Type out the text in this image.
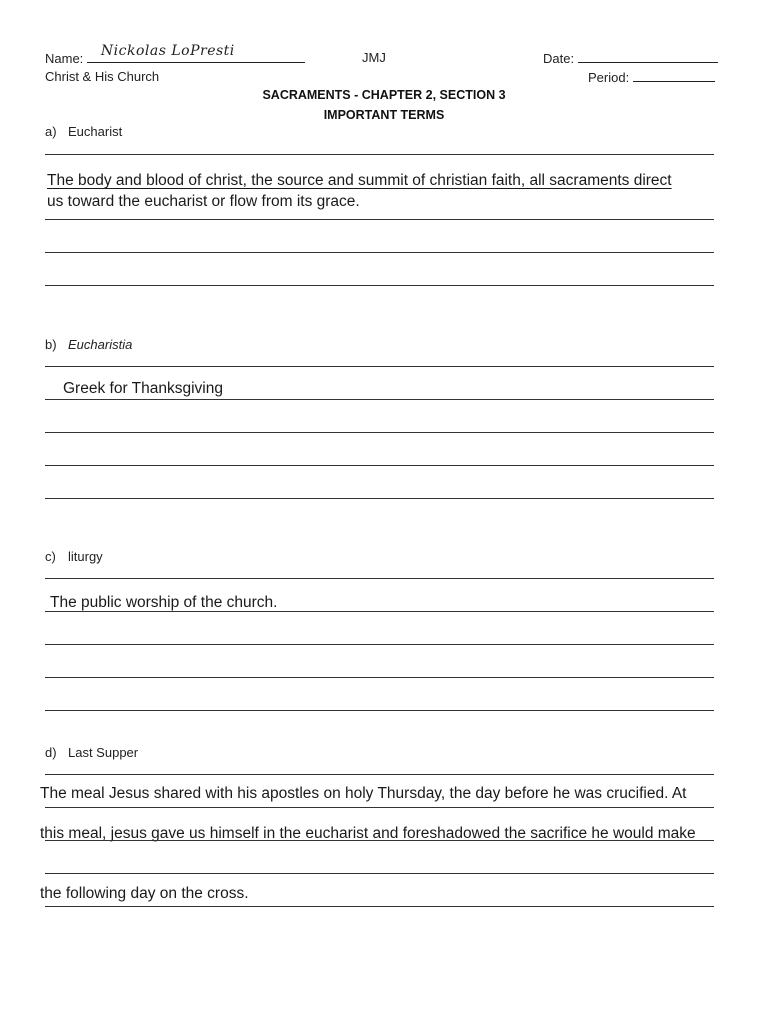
Name: Nickolas LoPresti	JMJ	Date:
Christ & His Church	Period:
SACRAMENTS - CHAPTER 2, SECTION 3
IMPORTANT TERMS
a) Eucharist
The body and blood of christ, the source and summit of christian faith, all sacraments direct
us toward the eucharist or flow from its grace.
b) Eucharistia
Greek for Thanksgiving
c) liturgy
The public worship of the church.
d) Last Supper
The meal Jesus shared with his apostles on holy Thursday, the day before he was crucified. At
this meal, jesus gave us himself in the eucharist and foreshadowed the sacrifice he would make
the following day on the cross.
